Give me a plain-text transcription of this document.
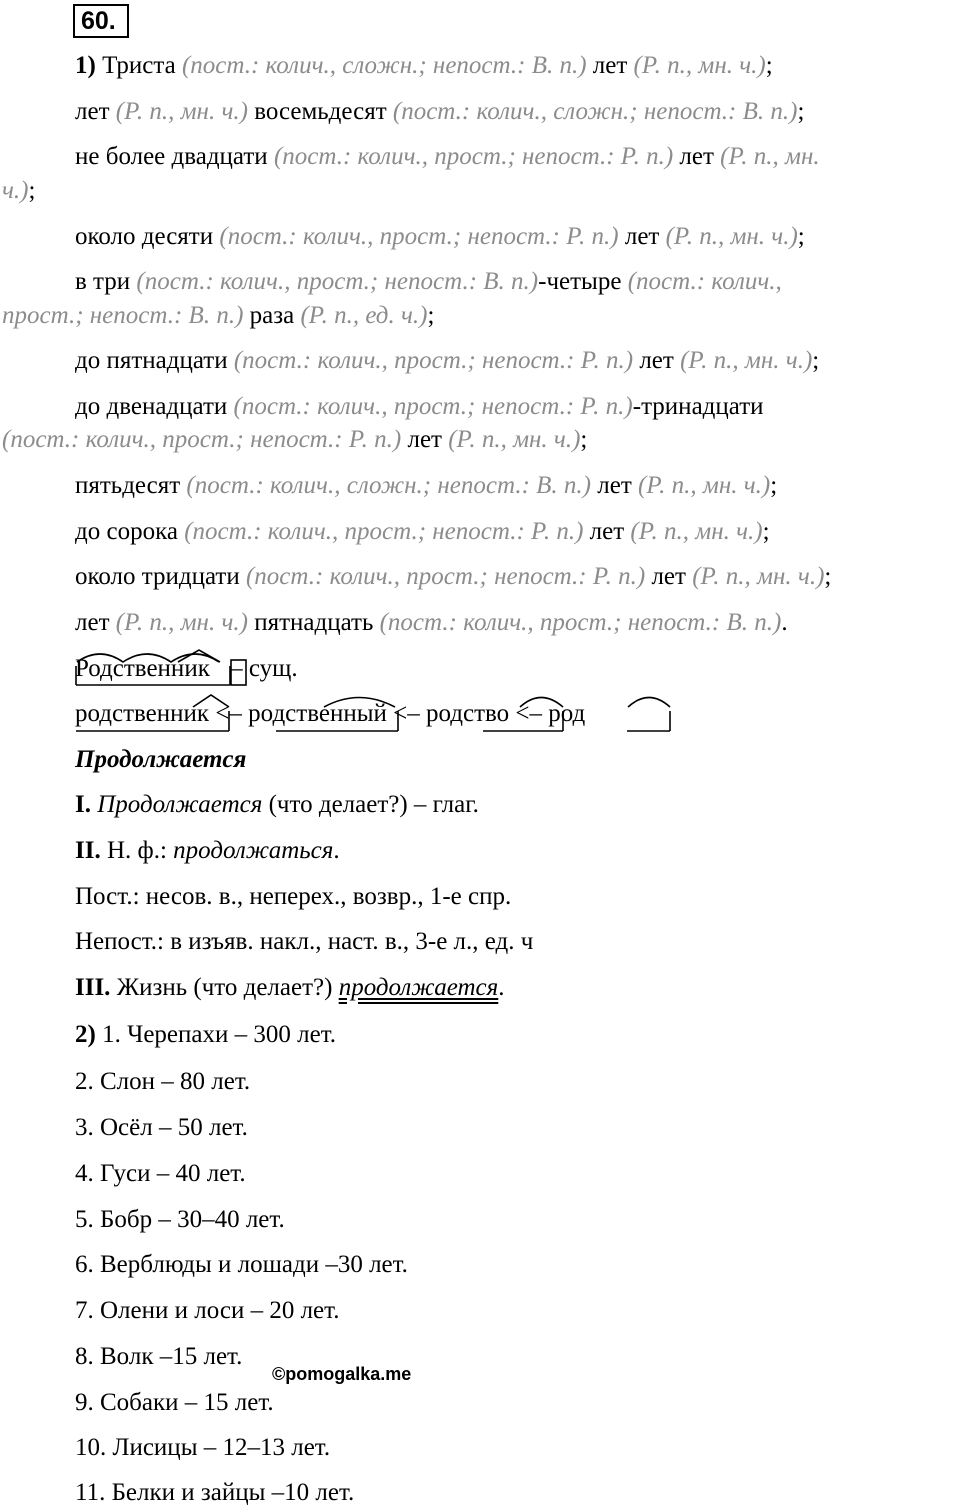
60.
1) Триста (пост.: колич., сложн.; непост.: В. п.) лет (Р. п., мн. ч.);
лет (Р. п., мн. ч.) восемьдесят (пост.: колич., сложн.; непост.: В. п.);
не более двадцати (пост.: колич., прост.; непост.: Р. п.) лет (Р. п., мн.
ч.);
около десяти (пост.: колич., прост.; непост.: Р. п.) лет (Р. п., мн. ч.);
в три (пост.: колич., прост.; непост.: В. п.)-четыре (пост.: колич.,
прост.; непост.: В. п.) раза (Р. п., ед. ч.);
до пятнадцати (пост.: колич., прост.; непост.: Р. п.) лет (Р. п., мн. ч.);
до двенадцати (пост.: колич., прост.; непост.: Р. п.)-тринадцати
(пост.: колич., прост.; непост.: Р. п.) лет (Р. п., мн. ч.);
пятьдесят (пост.: колич., сложн.; непост.: В. п.) лет (Р. п., мн. ч.);
до сорока (пост.: колич., прост.; непост.: Р. п.) лет (Р. п., мн. ч.);
около тридцати (пост.: колич., прост.; непост.: Р. п.) лет (Р. п., мн. ч.);
лет (Р. п., мн. ч.) пятнадцать (пост.: колич., прост.; непост.: В. п.).
Родственник – сущ.
родственник <– родственный <– родство <– род
Продолжается
I. Продолжается (что делает?) – глаг.
II. Н. ф.: продолжаться.
Пост.: несов. в., неперех., возвр., 1-е спр.
Непост.: в изъяв. накл., наст. в., 3-е л., ед. ч
III. Жизнь (что делает?) продолжается.
2) 1. Черепахи – 300 лет.
2. Слон – 80 лет.
3. Осёл – 50 лет.
4. Гуси – 40 лет.
5. Бобр – 30–40 лет.
6. Верблюды и лошади –30 лет.
7. Олени и лоси – 20 лет.
8. Волк –15 лет.
9. Собаки – 15 лет.
10. Лисицы – 12–13 лет.
11. Белки и зайцы –10 лет.
©pomogalka.me
